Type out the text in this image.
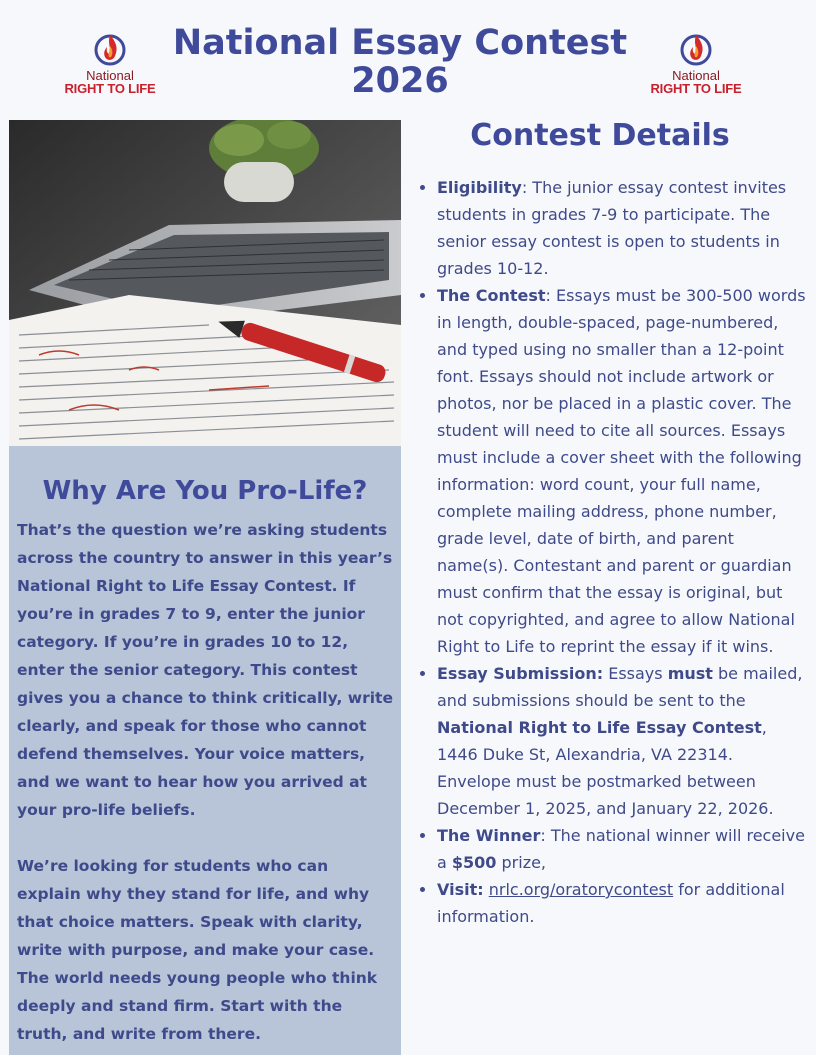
National
RIGHT TO LIFE
National Essay Contest
2026	National
RIGHT TO LIFE
Why Are You Pro-Life?

That’s the question we’re asking students across the country to answer in this year’s National Right to Life Essay Contest. If you’re in grades 7 to 9, enter the junior category. If you’re in grades 10 to 12, enter the senior category. This contest gives you a chance to think critically, write clearly, and speak for those who cannot defend themselves. Your voice matters, and we want to hear how you arrived at your pro-life beliefs.

We’re looking for students who can explain why they stand for life, and why that choice matters. Speak with clarity, write with purpose, and make your case. The world needs young people who think deeply and stand firm. Start with the truth, and write from there.

Contest Details
• Eligibility: The junior essay contest invites students in grades 7-9 to participate. The senior essay contest is open to students in grades 10-12.
• The Contest: Essays must be 300-500 words in length, double-spaced, page-numbered, and typed using no smaller than a 12-point font. Essays should not include artwork or photos, nor be placed in a plastic cover. The student will need to cite all sources. Essays must include a cover sheet with the following information: word count, your full name, complete mailing address, phone number, grade level, date of birth, and parent name(s). Contestant and parent or guardian must confirm that the essay is original, but not copyrighted, and agree to allow National Right to Life to reprint the essay if it wins.
• Essay Submission: Essays must be mailed, and submissions should be sent to the National Right to Life Essay Contest, 1446 Duke St, Alexandria, VA 22314. Envelope must be postmarked between December 1, 2025, and January 22, 2026.
• The Winner: The national winner will receive a $500 prize,
• Visit: nrlc.org/oratorycontest for additional information.
